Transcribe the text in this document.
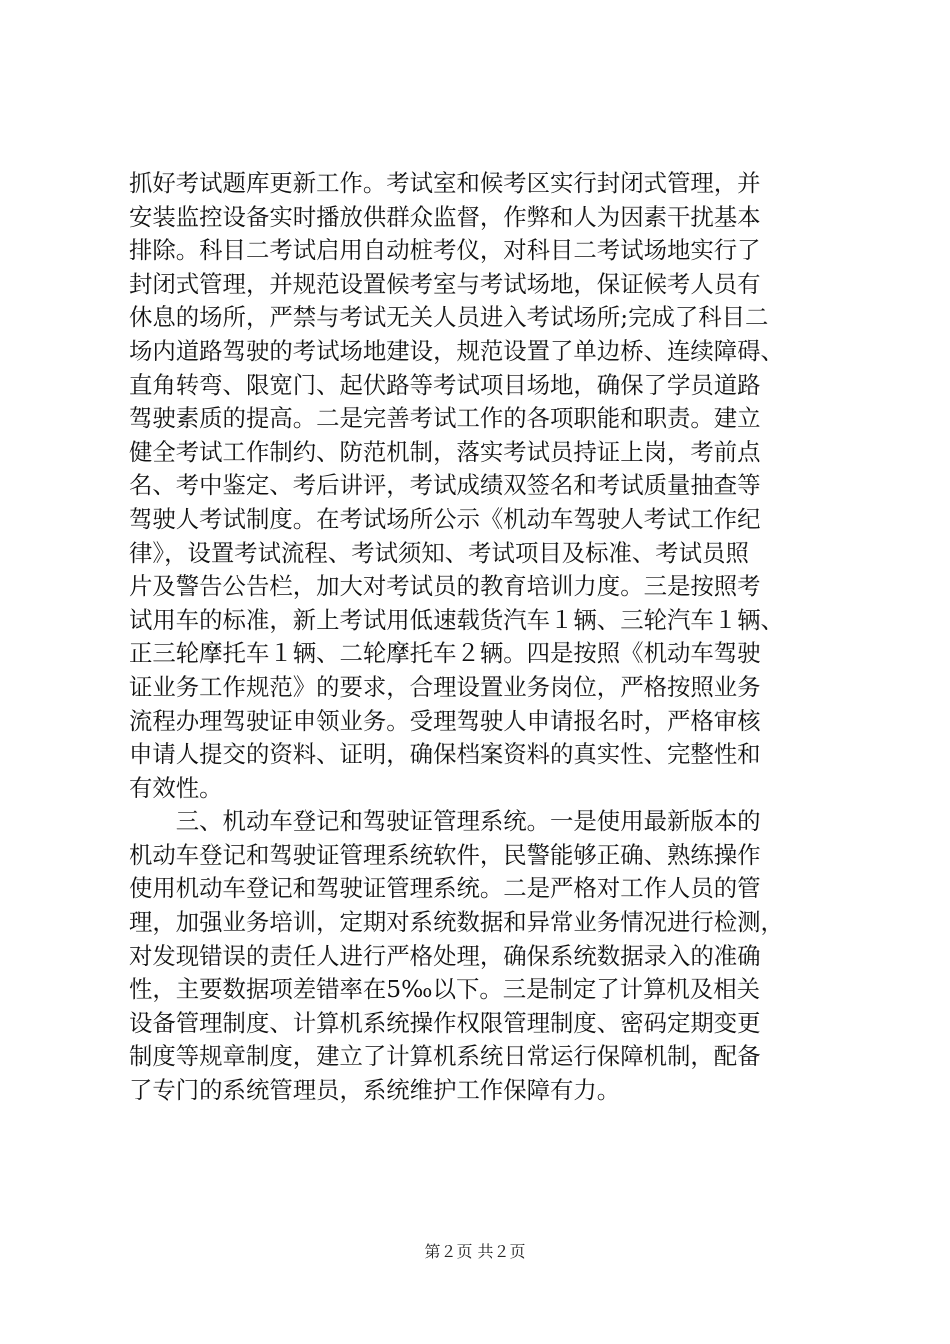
抓好考试题库更新工作。考试室和候考区实行封闭式管理，并
安装监控设备实时播放供群众监督，作弊和人为因素干扰基本
排除。科目二考试启用自动桩考仪，对科目二考试场地实行了
封闭式管理，并规范设置候考室与考试场地，保证候考人员有
休息的场所，严禁与考试无关人员进入考试场所;完成了科目二
场内道路驾驶的考试场地建设，规范设置了单边桥、连续障碍、
直角转弯、限宽门、起伏路等考试项目场地，确保了学员道路
驾驶素质的提高。二是完善考试工作的各项职能和职责。建立
健全考试工作制约、防范机制，落实考试员持证上岗，考前点
名、考中鉴定、考后讲评，考试成绩双签名和考试质量抽查等
驾驶人考试制度。在考试场所公示《机动车驾驶人考试工作纪
律》，设置考试流程、考试须知、考试项目及标准、考试员照
片及警告公告栏，加大对考试员的教育培训力度。三是按照考
试用车的标准，新上考试用低速载货汽车１辆、三轮汽车１辆、
正三轮摩托车１辆、二轮摩托车２辆。四是按照《机动车驾驶
证业务工作规范》的要求，合理设置业务岗位，严格按照业务
流程办理驾驶证申领业务。受理驾驶人申请报名时，严格审核
申请人提交的资料、证明，确保档案资料的真实性、完整性和
有效性。
　　三、机动车登记和驾驶证管理系统。一是使用最新版本的
机动车登记和驾驶证管理系统软件，民警能够正确、熟练操作
使用机动车登记和驾驶证管理系统。二是严格对工作人员的管
理，加强业务培训，定期对系统数据和异常业务情况进行检测，
对发现错误的责任人进行严格处理，确保系统数据录入的准确
性，主要数据项差错率在5‰以下。三是制定了计算机及相关
设备管理制度、计算机系统操作权限管理制度、密码定期变更
制度等规章制度，建立了计算机系统日常运行保障机制，配备
了专门的系统管理员，系统维护工作保障有力。
第２页 共２页
